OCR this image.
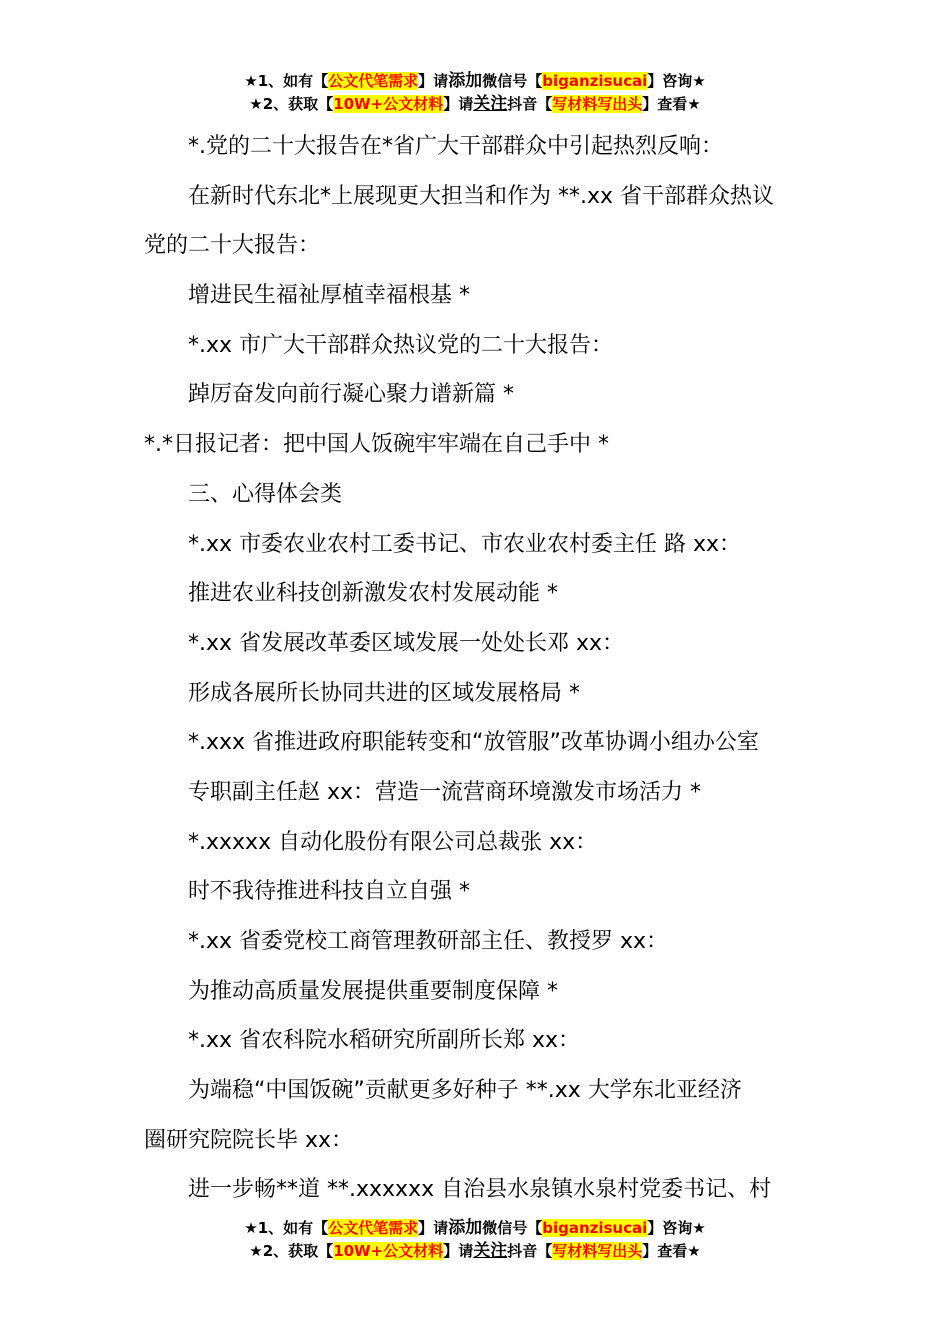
★1、如有【公文代笔需求】请添加微信号【biganzisucai】咨询★
★2、获取【10W+公文材料】请关注抖音【写材料写出头】查看★
*.党的二十大报告在*省广大干部群众中引起热烈反响：
在新时代东北*上展现更大担当和作为 **.xx 省干部群众热议
党的二十大报告：
增进民生福祉厚植幸福根基 *
*.xx 市广大干部群众热议党的二十大报告：
踔厉奋发向前行凝心聚力谱新篇 *
*.*日报记者：把中国人饭碗牢牢端在自己手中 *
三、心得体会类
*.xx 市委农业农村工委书记、市农业农村委主任 路 xx：
推进农业科技创新激发农村发展动能 *
*.xx 省发展改革委区域发展一处处长邓 xx：
形成各展所长协同共进的区域发展格局 *
*.xxx 省推进政府职能转变和“放管服”改革协调小组办公室
专职副主任赵 xx：营造一流营商环境激发市场活力 *
*.xxxxx 自动化股份有限公司总裁张 xx：
时不我待推进科技自立自强 *
*.xx 省委党校工商管理教研部主任、教授罗 xx：
为推动高质量发展提供重要制度保障 *
*.xx 省农科院水稻研究所副所长郑 xx：
为端稳“中国饭碗”贡献更多好种子 **.xx 大学东北亚经济
圈研究院院长毕 xx：
进一步畅**道 **.xxxxxx 自治县水泉镇水泉村党委书记、村
★1、如有【公文代笔需求】请添加微信号【biganzisucai】咨询★
★2、获取【10W+公文材料】请关注抖音【写材料写出头】查看★
